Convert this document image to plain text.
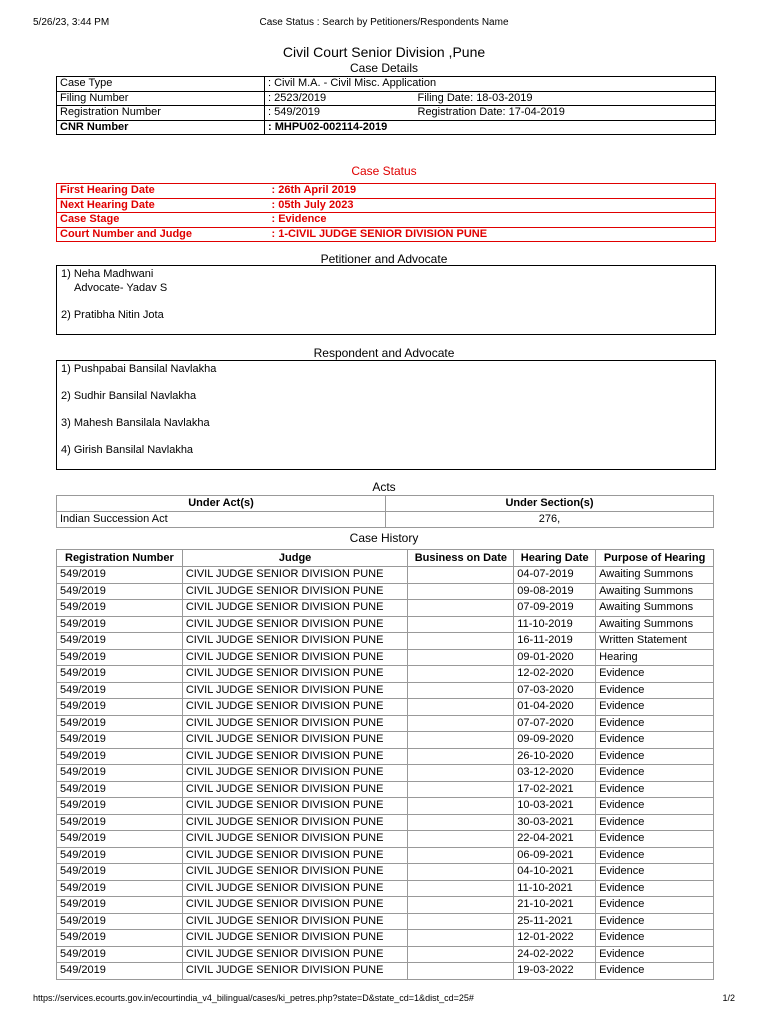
5/26/23, 3:44 PM	Case Status : Search by Petitioners/Respondents Name
Civil Court Senior Division ,Pune
Case Details
Case Type	: Civil M.A. - Civil Misc. Application	
Filing Number	: 2523/2019	Filing Date: 18-03-2019
Registration Number	: 549/2019	Registration Date: 17-04-2019
CNR Number	: MHPU02-002114-2019	
Case Status
First Hearing Date	: 26th April 2019
Next Hearing Date	: 05th July 2023
Case Stage	: Evidence
Court Number and Judge	: 1-CIVIL JUDGE SENIOR DIVISION PUNE
Petitioner and Advocate
1) Neha Madhwani
Advocate- Yadav S
2) Pratibha Nitin Jota
Respondent and Advocate
1) Pushpabai Bansilal Navlakha
2) Sudhir Bansilal Navlakha
3) Mahesh Bansilala Navlakha
4) Girish Bansilal Navlakha
Acts
Under Act(s)	Under Section(s)
Indian Succession Act	276,
Case History
Registration Number	Judge	Business on Date	Hearing Date	Purpose of Hearing
549/2019	CIVIL JUDGE SENIOR DIVISION PUNE		04-07-2019	Awaiting Summons
549/2019	CIVIL JUDGE SENIOR DIVISION PUNE		09-08-2019	Awaiting Summons
549/2019	CIVIL JUDGE SENIOR DIVISION PUNE		07-09-2019	Awaiting Summons
549/2019	CIVIL JUDGE SENIOR DIVISION PUNE		11-10-2019	Awaiting Summons
549/2019	CIVIL JUDGE SENIOR DIVISION PUNE		16-11-2019	Written Statement
549/2019	CIVIL JUDGE SENIOR DIVISION PUNE		09-01-2020	Hearing
549/2019	CIVIL JUDGE SENIOR DIVISION PUNE		12-02-2020	Evidence
549/2019	CIVIL JUDGE SENIOR DIVISION PUNE		07-03-2020	Evidence
549/2019	CIVIL JUDGE SENIOR DIVISION PUNE		01-04-2020	Evidence
549/2019	CIVIL JUDGE SENIOR DIVISION PUNE		07-07-2020	Evidence
549/2019	CIVIL JUDGE SENIOR DIVISION PUNE		09-09-2020	Evidence
549/2019	CIVIL JUDGE SENIOR DIVISION PUNE		26-10-2020	Evidence
549/2019	CIVIL JUDGE SENIOR DIVISION PUNE		03-12-2020	Evidence
549/2019	CIVIL JUDGE SENIOR DIVISION PUNE		17-02-2021	Evidence
549/2019	CIVIL JUDGE SENIOR DIVISION PUNE		10-03-2021	Evidence
549/2019	CIVIL JUDGE SENIOR DIVISION PUNE		30-03-2021	Evidence
549/2019	CIVIL JUDGE SENIOR DIVISION PUNE		22-04-2021	Evidence
549/2019	CIVIL JUDGE SENIOR DIVISION PUNE		06-09-2021	Evidence
549/2019	CIVIL JUDGE SENIOR DIVISION PUNE		04-10-2021	Evidence
549/2019	CIVIL JUDGE SENIOR DIVISION PUNE		11-10-2021	Evidence
549/2019	CIVIL JUDGE SENIOR DIVISION PUNE		21-10-2021	Evidence
549/2019	CIVIL JUDGE SENIOR DIVISION PUNE		25-11-2021	Evidence
549/2019	CIVIL JUDGE SENIOR DIVISION PUNE		12-01-2022	Evidence
549/2019	CIVIL JUDGE SENIOR DIVISION PUNE		24-02-2022	Evidence
549/2019	CIVIL JUDGE SENIOR DIVISION PUNE		19-03-2022	Evidence
https://services.ecourts.gov.in/ecourtindia_v4_bilingual/cases/ki_petres.php?state=D&state_cd=1&dist_cd=25#	1/2
